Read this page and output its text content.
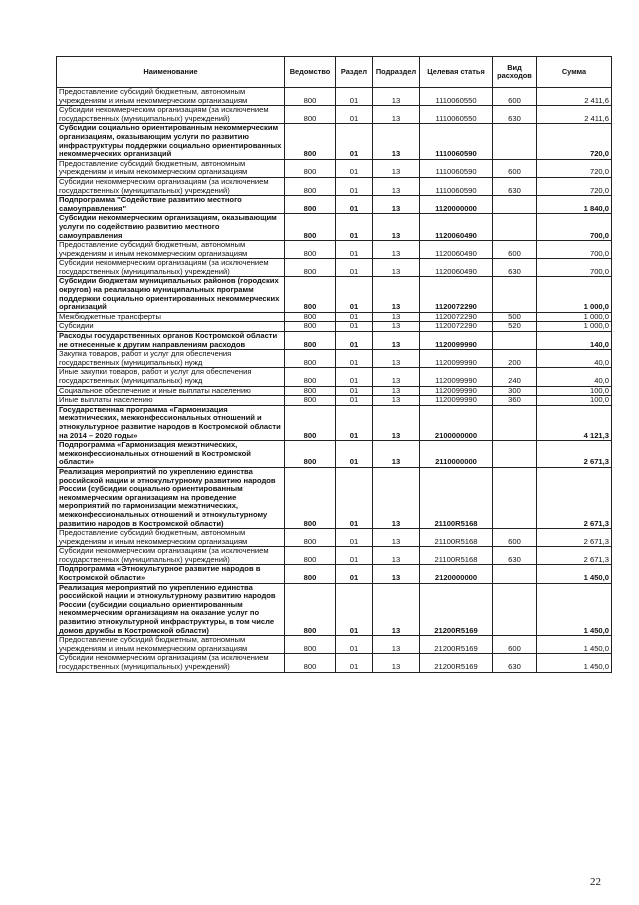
Наименование	Ведомство	Раздел	Подраздел	Целевая статья	Вид расходов	Сумма
Предоставление субсидий бюджетным, автономным учреждениям и иным некоммерческим организациям	800	01	13	1110060550	600	2 411,6
Субсидии некоммерческим организациям (за исключением государственных (муниципальных) учреждений)	800	01	13	1110060550	630	2 411,6
Субсидии социально ориентированным некоммерческим организациям, оказывающим услуги по развитию инфраструктуры поддержки социально ориентированных некоммерческих организаций	800	01	13	1110060590		720,0
Предоставление субсидий бюджетным, автономным учреждениям и иным некоммерческим организациям	800	01	13	1110060590	600	720,0
Субсидии некоммерческим организациям (за исключением государственных (муниципальных) учреждений)	800	01	13	1110060590	630	720,0
Подпрограмма "Содействие развитию местного самоуправления"	800	01	13	1120000000		1 840,0
Субсидии некоммерческим организациям, оказывающим услуги по содействию развитию местного самоуправления	800	01	13	1120060490		700,0
Предоставление субсидий бюджетным, автономным учреждениям и иным некоммерческим организациям	800	01	13	1120060490	600	700,0
Субсидии некоммерческим организациям (за исключением государственных (муниципальных) учреждений)	800	01	13	1120060490	630	700,0
Субсидии бюджетам муниципальных районов (городских округов) на реализацию муниципальных программ поддержки социально ориентированных некоммерческих организаций	800	01	13	1120072290		1 000,0
Межбюджетные трансферты	800	01	13	1120072290	500	1 000,0
Субсидии	800	01	13	1120072290	520	1 000,0
Расходы государственных органов Костромской области не отнесенные к другим направлениям расходов	800	01	13	1120099990		140,0
Закупка товаров, работ и услуг для обеспечения государственных (муниципальных) нужд	800	01	13	1120099990	200	40,0
Иные закупки товаров, работ и услуг для обеспечения государственных (муниципальных) нужд	800	01	13	1120099990	240	40,0
Социальное обеспечение и иные выплаты населению	800	01	13	1120099990	300	100,0
Иные выплаты населению	800	01	13	1120099990	360	100,0
Государственная программа «Гармонизация межэтнических, межконфессиональных отношений и этнокультурное развитие народов в Костромской области на 2014 – 2020 годы»	800	01	13	2100000000		4 121,3
Подпрограмма «Гармонизация межэтнических, межконфессиональных отношений в Костромской области»	800	01	13	2110000000		2 671,3
Реализация мероприятий по укреплению единства российской нации и этнокультурному развитию народов России (субсидии социально ориентированным некоммерческим организациям на проведение мероприятий по гармонизации межэтнических, межконфессиональных отношений и этнокультурному развитию народов в Костромской области)	800	01	13	21100R5168		2 671,3
Предоставление субсидий бюджетным, автономным учреждениям и иным некоммерческим организациям	800	01	13	21100R5168	600	2 671,3
Субсидии некоммерческим организациям (за исключением государственных (муниципальных) учреждений)	800	01	13	21100R5168	630	2 671,3
Подпрограмма «Этнокультурное развитие народов в Костромской области»	800	01	13	2120000000		1 450,0
Реализация мероприятий по укреплению единства российской нации и этнокультурному развитию народов России (субсидии социально ориентированным некоммерческим организациям на оказание услуг по развитию этнокультурной инфраструктуры, в том числе домов дружбы в Костромской области)	800	01	13	21200R5169		1 450,0
Предоставление субсидий бюджетным, автономным учреждениям и иным некоммерческим организациям	800	01	13	21200R5169	600	1 450,0
Субсидии некоммерческим организациям (за исключением государственных (муниципальных) учреждений)	800	01	13	21200R5169	630	1 450,0
22
